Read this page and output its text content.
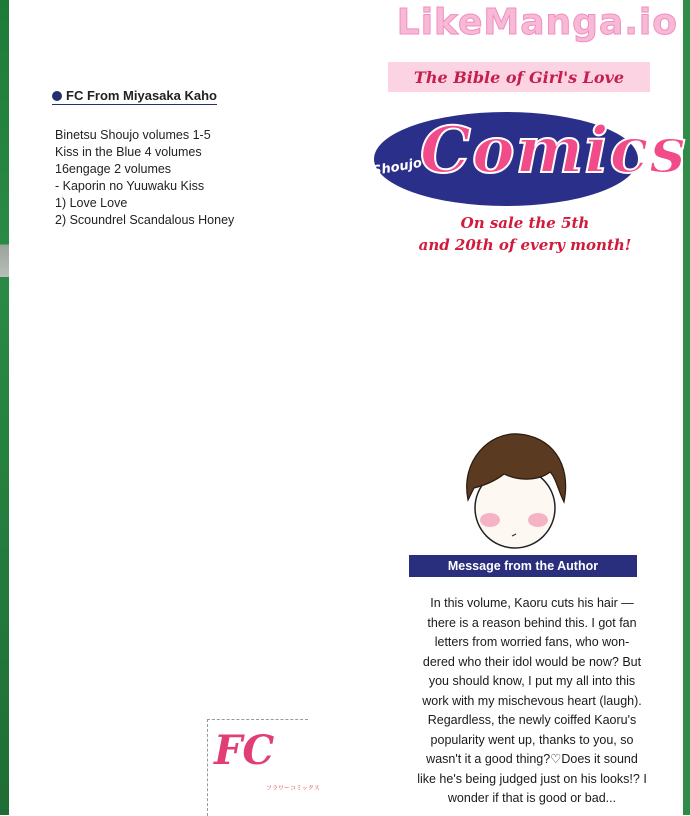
LikeManga.io
FC From Miyasaka Kaho
Binetsu Shoujo volumes 1-5
Kiss in the Blue 4 volumes
16engage 2 volumes
- Kaporin no Yuuwaku Kiss
1) Love Love
2) Scoundrel Scandalous Honey
The Bible of Girl's Love
Comics
Shoujo
On sale the 5th
and 20th of every month!
Message from the Author
In this volume, Kaoru cuts his hair —
there is a reason behind this. I got fan
letters from worried fans, who won-
dered who their idol would be now? But
you should know, I put my all into this
work with my mischevous heart (laugh).
Regardless, the newly coiffed Kaoru's
popularity went up, thanks to you, so
wasn't it a good thing?♡Does it sound
like he's being judged just on his looks!? I
wonder if that is good or bad...
FC
フラワーコミックス
